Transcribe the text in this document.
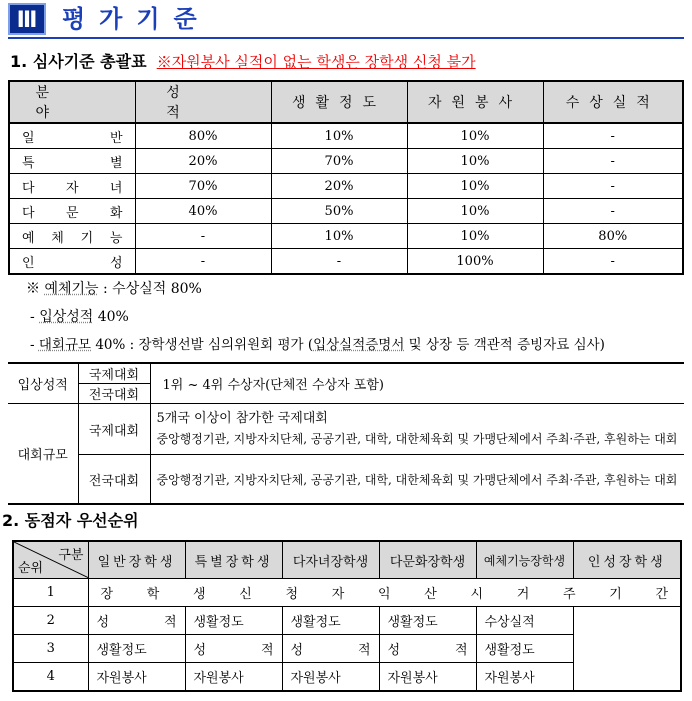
Ⅲ	평가기준
1. 심사기준 총괄표 ※자원봉사 실적이 없는 학생은 장학생 신청 불가
분야	성적	생활정도	자원봉사	수상실적
일 반	80%	10%	10%	-
특 별	20%	70%	10%	-
다 자 녀	70%	20%	10%	-
다 문 화	40%	50%	10%	-
예 체 기 능	-	10%	10%	80%
인 성	-	-	100%	-
※ 예체기능 : 수상실적 80%
- 입상성적 40%
- 대회규모 40% : 장학생선발 심의위원회 평가 (입상실적증명서 및 상장 등 객관적 증빙자료 심사)
입상성적	국제대회	1위 ~ 4위 수상자(단체전 수상자 포함)
	전국대회	
대회규모	국제대회	5개국 이상이 참가한 국제대회
중앙행정기관, 지방자치단체, 공공기관, 대학, 대한체육회 및 가맹단체에서 주최·주관, 후원하는 대회

	전국대회	중앙행정기관, 지방자치단체, 공공기관, 대학, 대한체육회 및 가맹단체에서 주최·주관, 후원하는 대회
2. 동점자 우선순위
구분
순위	일반장학생	특별장학생	다자녀장학생	다문화장학생	예체기능장학생	인성장학생
1	장 학 생 신 청 자 익 산 시 거 주 기 간					
2	성 적	생활정도	생활정도	생활정도	수상실적	
3	생활정도	성 적	성 적	성 적	생활정도	
4	자원봉사	자원봉사	자원봉사	자원봉사	자원봉사	
